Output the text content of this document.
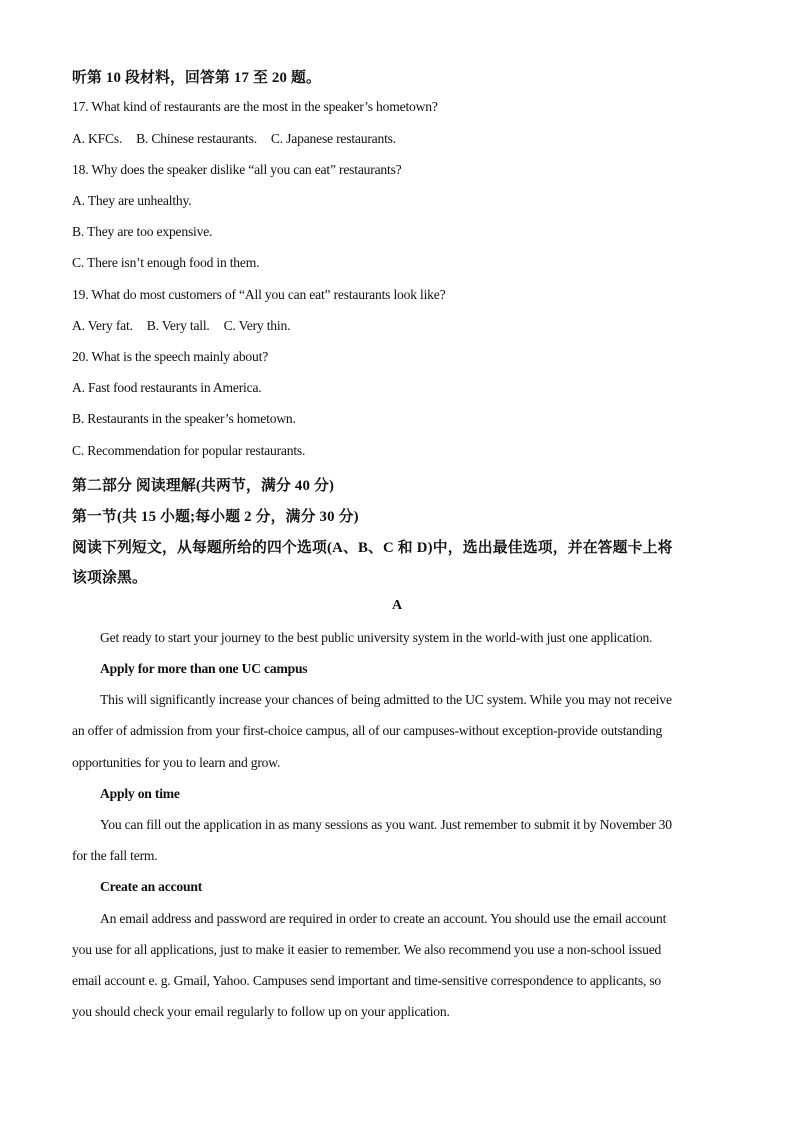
听第 10 段材料，回答第 17 至 20 题。
17. What kind of restaurants are the most in the speaker’s hometown?
A. KFCs. B. Chinese restaurants. C. Japanese restaurants.
18. Why does the speaker dislike “all you can eat” restaurants?
A. They are unhealthy.
B. They are too expensive.
C. There isn’t enough food in them.
19. What do most customers of “All you can eat” restaurants look like?
A. Very fat. B. Very tall. C. Very thin.
20. What is the speech mainly about?
A. Fast food restaurants in America.
B. Restaurants in the speaker’s hometown.
C. Recommendation for popular restaurants.
第二部分 阅读理解(共两节，满分 40 分)
第一节(共 15 小题;每小题 2 分，满分 30 分)
阅读下列短文，从每题所给的四个选项(A、B、C 和 D)中，选出最佳选项，并在答题卡上将
该项涂黑。
A
Get ready to start your journey to the best public university system in the world-with just one application.
Apply for more than one UC campus
This will significantly increase your chances of being admitted to the UC system. While you may not receive
an offer of admission from your first-choice campus, all of our campuses-without exception-provide outstanding
opportunities for you to learn and grow.
Apply on time
You can fill out the application in as many sessions as you want. Just remember to submit it by November 30
for the fall term.
Create an account
An email address and password are required in order to create an account. You should use the email account
you use for all applications, just to make it easier to remember. We also recommend you use a non-school issued
email account e. g. Gmail, Yahoo. Campuses send important and time-sensitive correspondence to applicants, so
you should check your email regularly to follow up on your application.
